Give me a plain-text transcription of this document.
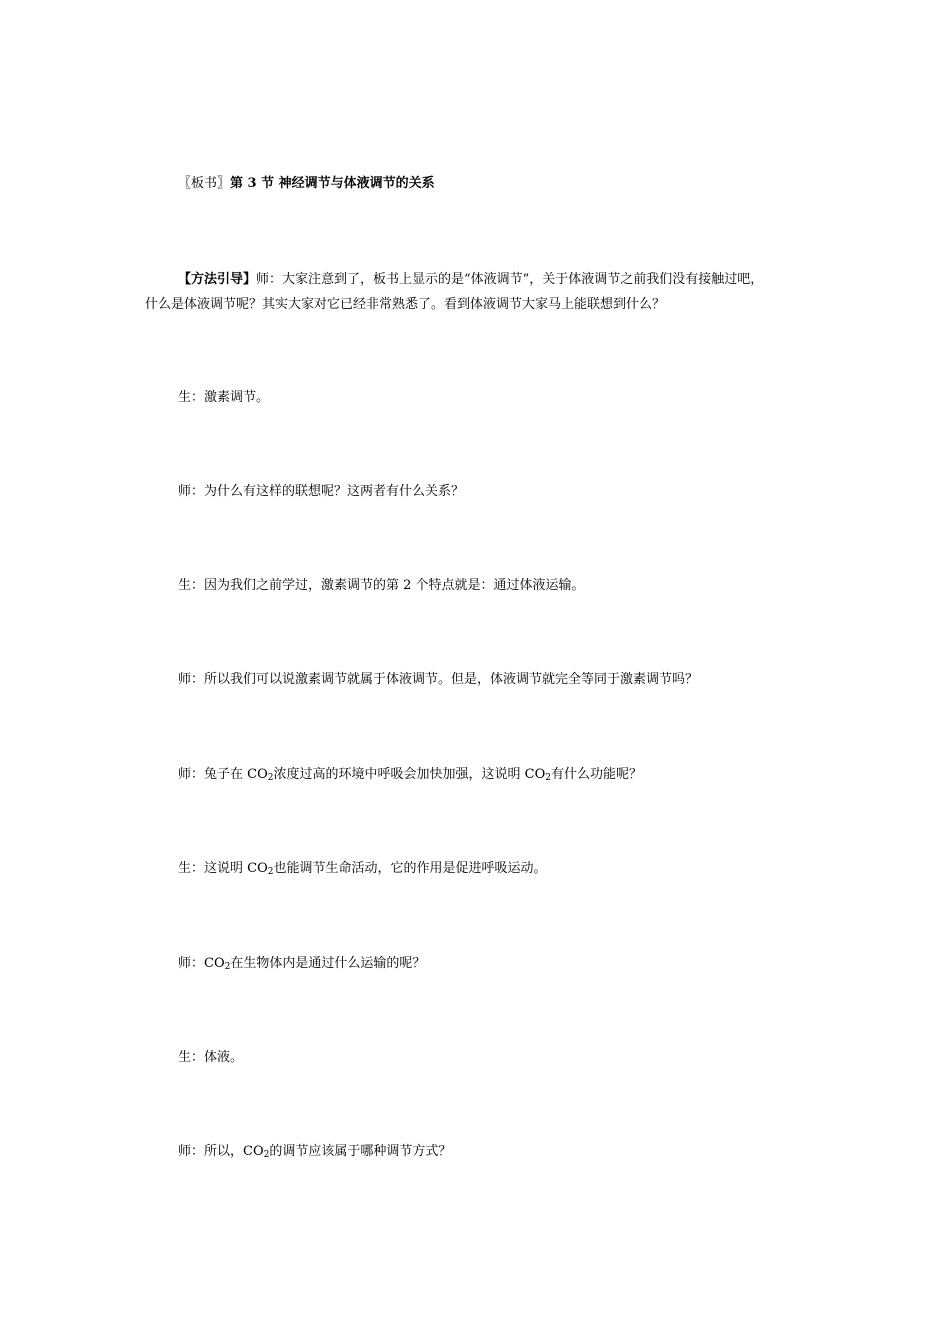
〖板书〗第 3 节 神经调节与体液调节的关系
【方法引导】师：大家注意到了，板书上显示的是“体液调节”，关于体液调节之前我们没有接触过吧，
什么是体液调节呢？其实大家对它已经非常熟悉了。看到体液调节大家马上能联想到什么？
生：激素调节。
师：为什么有这样的联想呢？这两者有什么关系？
生：因为我们之前学过，激素调节的第 2 个特点就是：通过体液运输。
师：所以我们可以说激素调节就属于体液调节。但是，体液调节就完全等同于激素调节吗？
师：兔子在 $CO_2$浓度过高的环境中呼吸会加快加强，这说明 $CO_2$有什么功能呢？
生：这说明 $CO_2$也能调节生命活动，它的作用是促进呼吸运动。
师：$CO_2$在生物体内是通过什么运输的呢？
生：体液。
师：所以，$CO_2$的调节应该属于哪种调节方式？
